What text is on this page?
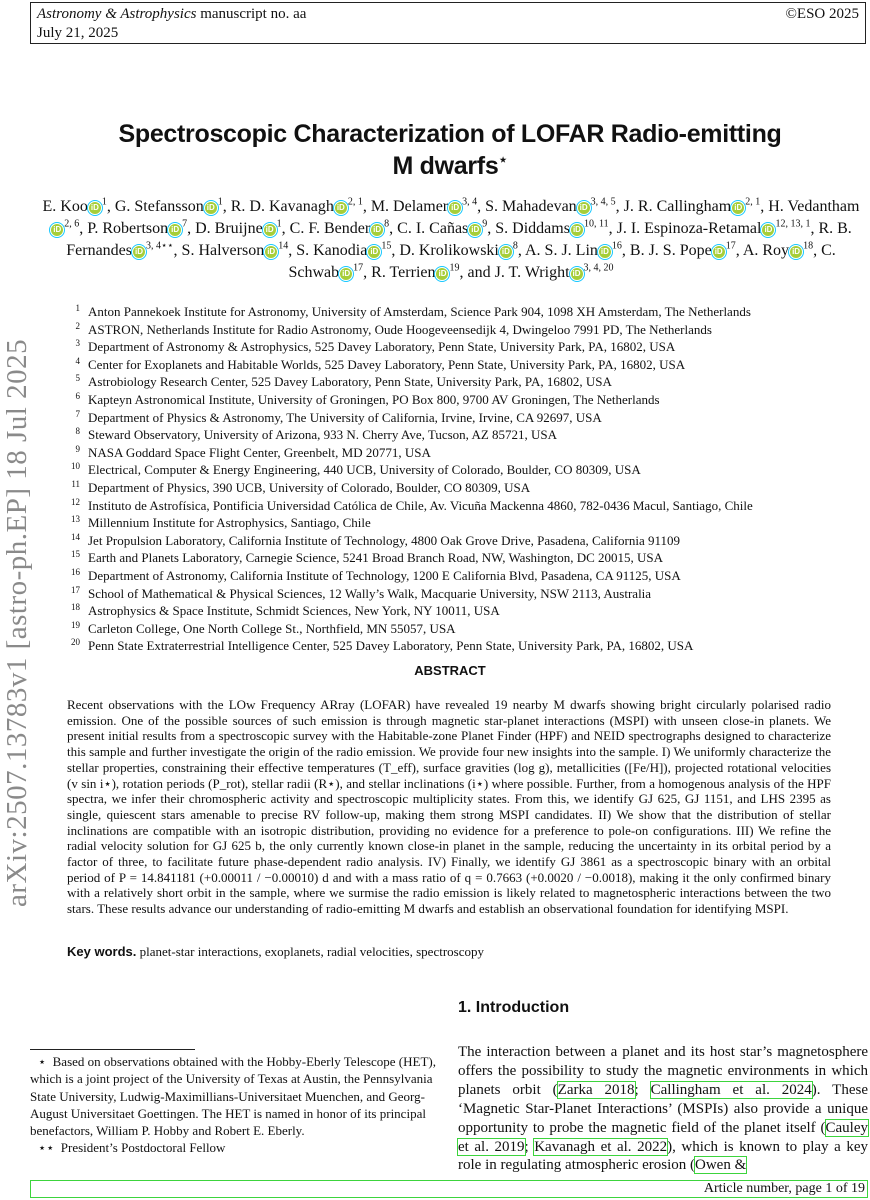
Astronomy & Astrophysics manuscript no. aa
July 21, 2025
©ESO 2025
arXiv:2507.13783v1 [astro-ph.EP] 18 Jul 2025
Spectroscopic Characterization of LOFAR Radio-emitting
M dwarfs⋆
E. Koo iD $^1$, G. Stefansson iD $^1$, R. D. Kavanagh iD $^{2, 1}$, M. Delamer iD $^{3, 4}$, S. Mahadevan iD $^{3, 4, 5}$, J. R. Callingham iD $^{2, 1}$, H. VedanthamiD $^{2, 6}$, P. Robertson iD $^7$, D. Bruijne iD $^1$, C. F. Bender iD $^8$, C. I. Cañas iD $^9$, S. Diddams iD $^{10, 11}$, J. I. Espinoza-Retamal iD $^{12, 13, 1}$, R. B. Fernandes iD $^{3, 4⋆⋆}$, S. Halverson iD $^{14}$, S. Kanodia iD $^{15}$, D. Krolikowski iD $^8$, A. S. J. Lin iD $^{16}$, B. J. S. Pope iD $^{17}$, A. Roy iD $^{18}$, C. Schwab iD $^{17}$, R. Terrien iD $^{19}$, and J. T. Wright iD $^{3, 4, 20}$
1 Anton Pannekoek Institute for Astronomy, University of Amsterdam, Science Park 904, 1098 XH Amsterdam, The Netherlands
2 ASTRON, Netherlands Institute for Radio Astronomy, Oude Hoogeveensedijk 4, Dwingeloo 7991 PD, The Netherlands
3 Department of Astronomy & Astrophysics, 525 Davey Laboratory, Penn State, University Park, PA, 16802, USA
4 Center for Exoplanets and Habitable Worlds, 525 Davey Laboratory, Penn State, University Park, PA, 16802, USA
5 Astrobiology Research Center, 525 Davey Laboratory, Penn State, University Park, PA, 16802, USA
6 Kapteyn Astronomical Institute, University of Groningen, PO Box 800, 9700 AV Groningen, The Netherlands
7 Department of Physics & Astronomy, The University of California, Irvine, Irvine, CA 92697, USA
8 Steward Observatory, University of Arizona, 933 N. Cherry Ave, Tucson, AZ 85721, USA
9 NASA Goddard Space Flight Center, Greenbelt, MD 20771, USA
10 Electrical, Computer & Energy Engineering, 440 UCB, University of Colorado, Boulder, CO 80309, USA
11 Department of Physics, 390 UCB, University of Colorado, Boulder, CO 80309, USA
12 Instituto de Astrofísica, Pontificia Universidad Católica de Chile, Av. Vicuña Mackenna 4860, 782-0436 Macul, Santiago, Chile
13 Millennium Institute for Astrophysics, Santiago, Chile
14 Jet Propulsion Laboratory, California Institute of Technology, 4800 Oak Grove Drive, Pasadena, California 91109
15 Earth and Planets Laboratory, Carnegie Science, 5241 Broad Branch Road, NW, Washington, DC 20015, USA
16 Department of Astronomy, California Institute of Technology, 1200 E California Blvd, Pasadena, CA 91125, USA
17 School of Mathematical & Physical Sciences, 12 Wally’s Walk, Macquarie University, NSW 2113, Australia
18 Astrophysics & Space Institute, Schmidt Sciences, New York, NY 10011, USA
19 Carleton College, One North College St., Northfield, MN 55057, USA
20 Penn State Extraterrestrial Intelligence Center, 525 Davey Laboratory, Penn State, University Park, PA, 16802, USA
ABSTRACT
Recent observations with the LOw Frequency ARray (LOFAR) have revealed 19 nearby M dwarfs showing bright circularly polarised radio emission. One of the possible sources of such emission is through magnetic star-planet interactions (MSPI) with unseen close-in planets. We present initial results from a spectroscopic survey with the Habitable-zone Planet Finder (HPF) and NEID spectrographs designed to characterize this sample and further investigate the origin of the radio emission. We provide four new insights into the sample. I) We uniformly characterize the stellar properties, constraining their effective temperatures (T_eff), surface gravities (log g), metallicities ([Fe/H]), projected rotational velocities (v sin i⋆), rotation periods (P_rot), stellar radii (R⋆), and stellar inclinations (i⋆) where possible. Further, from a homogenous analysis of the HPF spectra, we infer their chromospheric activity and spectroscopic multiplicity states. From this, we identify GJ 625, GJ 1151, and LHS 2395 as single, quiescent stars amenable to precise RV follow-up, making them strong MSPI candidates. II) We show that the distribution of stellar inclinations are compatible with an isotropic distribution, providing no evidence for a preference to pole-on configurations. III) We refine the radial velocity solution for GJ 625 b, the only currently known close-in planet in the sample, reducing the uncertainty in its orbital period by a factor of three, to facilitate future phase-dependent radio analysis. IV) Finally, we identify GJ 3861 as a spectroscopic binary with an orbital period of P = 14.841181 (+0.00011 / −0.00010) d and with a mass ratio of q = 0.7663 (+0.0020 / −0.0018), making it the only confirmed binary with a relatively short orbit in the sample, where we surmise the radio emission is likely related to magnetospheric interactions between the two stars. These results advance our understanding of radio-emitting M dwarfs and establish an observational foundation for identifying MSPI.
Key words. planet-star interactions, exoplanets, radial velocities, spectroscopy
1. Introduction
The interaction between a planet and its host star’s magnetosphere offers the possibility to study the magnetic environments in which planets orbit (Zarka 2018; Callingham et al. 2024). These ‘Magnetic Star-Planet Interactions’ (MSPIs) also provide a unique opportunity to probe the magnetic field of the planet itself (Cauley et al. 2019; Kavanagh et al. 2022), which is known to play a key role in regulating atmospheric erosion (Owen &

⋆ Based on observations obtained with the Hobby-Eberly Telescope (HET), which is a joint project of the University of Texas at Austin, the Pennsylvania State University, Ludwig-Maximillians-Universitaet Muenchen, and Georg-August Universitaet Goettingen. The HET is named in honor of its principal benefactors, William P. Hobby and Robert E. Eberly.

⋆⋆ President’s Postdoctoral Fellow

Article number, page 1 of 19
